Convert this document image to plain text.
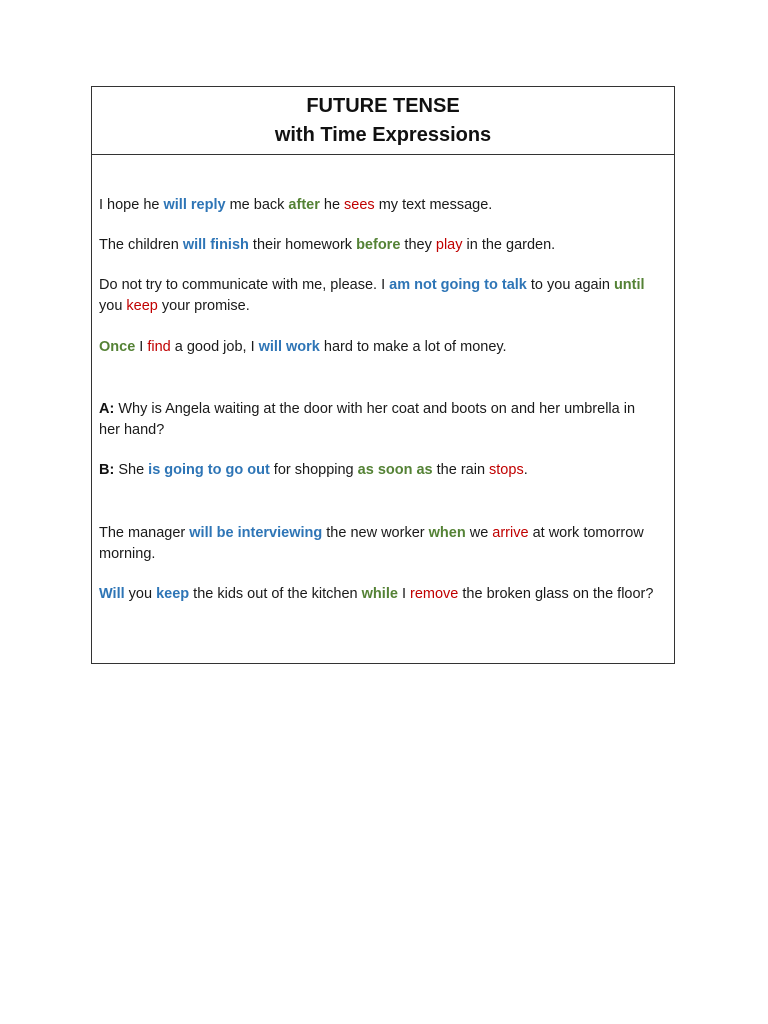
FUTURE TENSE
with Time Expressions

I hope he will reply me back after he sees my text message.

The children will finish their homework before they play in the garden.

Do not try to communicate with me, please. I am not going to talk to you again until you keep your promise.

Once I find a good job, I will work hard to make a lot of money.

A: Why is Angela waiting at the door with her coat and boots on and her umbrella in her hand?

B: She is going to go out for shopping as soon as the rain stops.

The manager will be interviewing the new worker when we arrive at work tomorrow morning.

Will you keep the kids out of the kitchen while I remove the broken glass on the floor?
